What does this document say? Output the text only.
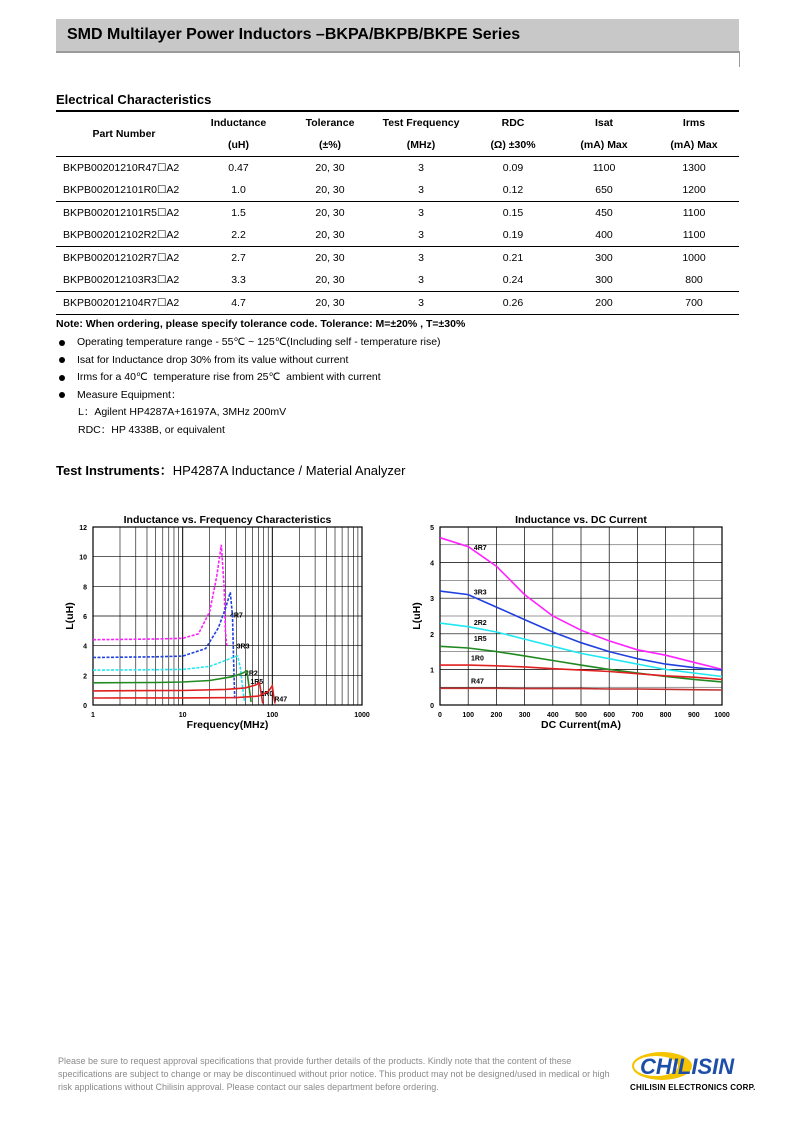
SMD Multilayer Power Inductors –BKPA/BKPB/BKPE Series
Electrical Characteristics
Part Number	Inductance	Tolerance	Test Frequency	RDC	Isat	Irms
	(uH)	(±%)	(MHz)	(Ω) ±30%	(mA) Max	(mA) Max
BKPB00201210R47☐A2	0.47	20, 30	3	0.09	1100	1300
BKPB002012101R0☐A2	1.0	20, 30	3	0.12	650	1200
BKPB002012101R5☐A2	1.5	20, 30	3	0.15	450	1100
BKPB002012102R2☐A2	2.2	20, 30	3	0.19	400	1100
BKPB002012102R7☐A2	2.7	20, 30	3	0.21	300	1000
BKPB002012103R3☐A2	3.3	20, 30	3	0.24	300	800
BKPB002012104R7☐A2	4.7	20, 30	3	0.26	200	700
Note: When ordering, please specify tolerance code. Tolerance: M=±20% , T=±30%
Operating temperature range - 55℃ ~ 125℃(Including self - temperature rise)
Isat for Inductance drop 30% from its value without current
Irms for a 40℃  temperature rise from 25℃  ambient with current
Measure Equipment：
L：Agilent HP4287A+16197A, 3MHz 200mV
RDC：HP 4338B, or equivalent
Test Instruments：HP4287A Inductance / Material Analyzer
Inductance vs. Frequency Characteristics
0
2
4
6
8
10
12
1	10	100	1000
Frequency(MHz)
L(uH)	4R7
3R3
2R2
1R5
1R0
R47
Inductance vs. DC Current
0
1
2
3
4
5
0	100 200 300 400 500 600 700 800 900 1000
DC Current(mA)
L(uH)
4R7
3R3
2R2
1R5
1R0
R47
Please be sure to request approval specifications that provide further details of the products. Kindly note that the content of these specifications are subject to change or may be discontinued without prior notice. This product may not be designed/used in medical or high risk applications without Chilisin approval. Please contact our sales department before ordering.
CHILISIN
CHILISIN ELECTRONICS CORP.
